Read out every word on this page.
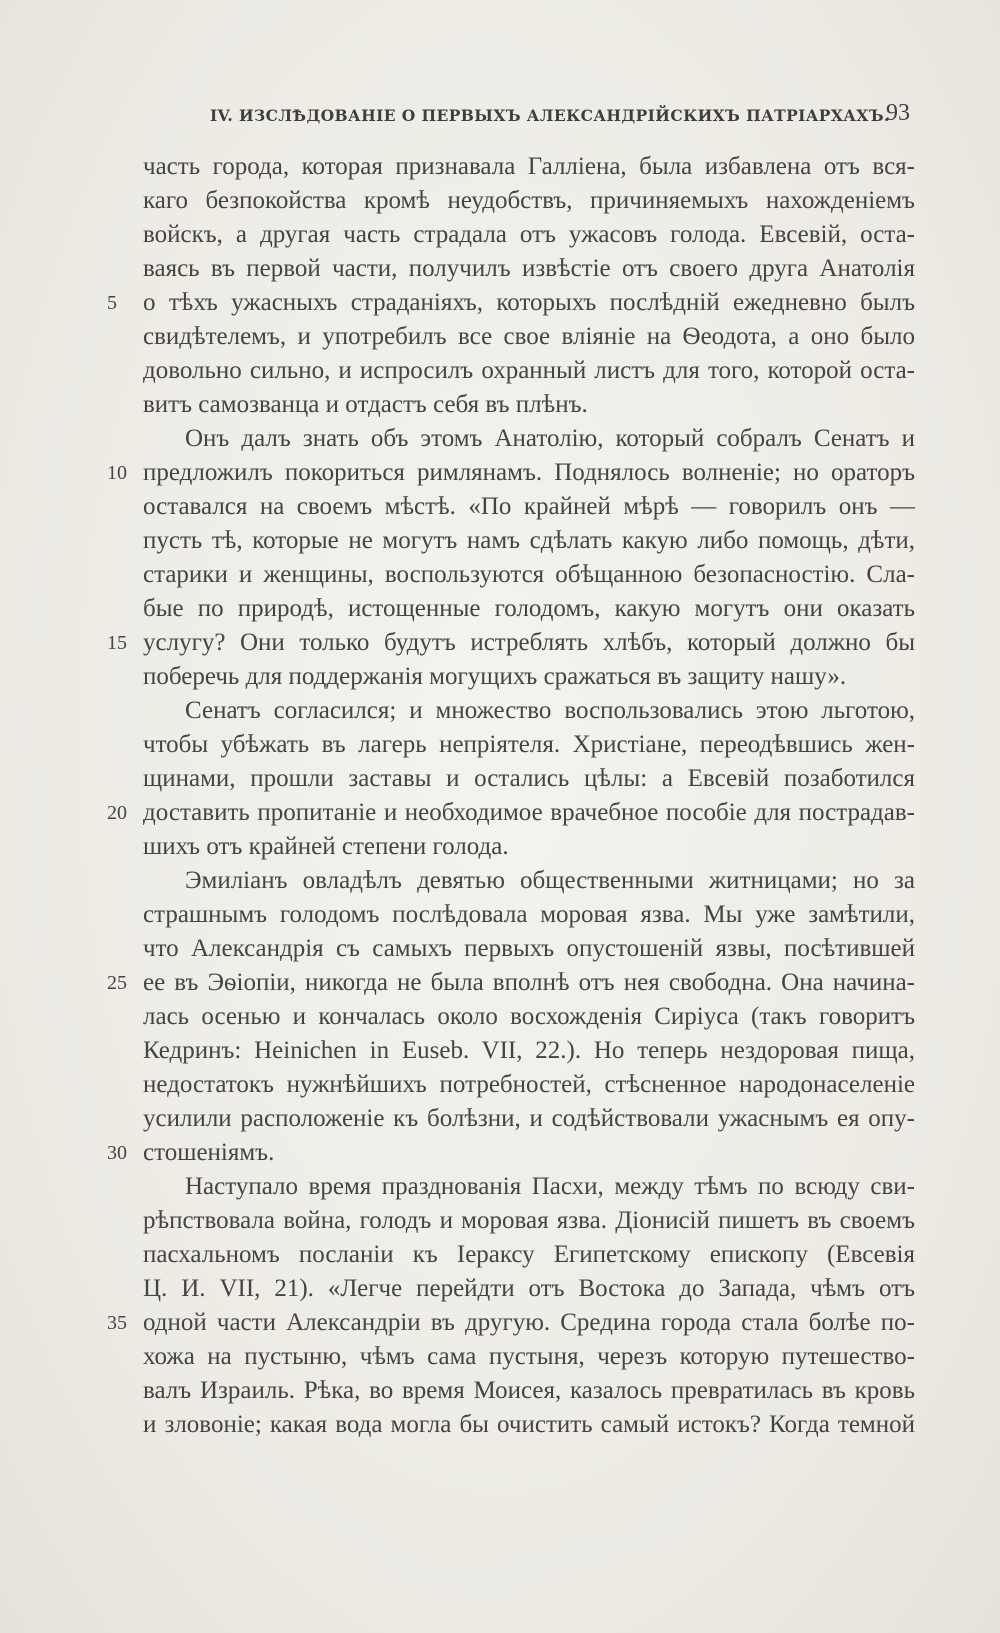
IV. ИЗСЛѢДОВАНIЕ О ПЕРВЫХЪ АЛЕКСАНДРIЙСКИХЪ ПАТРIАРХАХЪ.
93
часть города, которая признавала Галліена, была избавлена отъ вся-
каго безпокойства кромѣ неудобствъ, причиняемыхъ нахожденіемъ
войскъ, а другая часть страдала отъ ужасовъ голода. Евсевій, оста-
ваясь въ первой части, получилъ извѣстіе отъ своего друга Анатолія
о тѣхъ ужасныхъ страданіяхъ, которыхъ послѣдній ежедневно былъ
свидѣтелемъ, и употребилъ все свое вліяніе на Ѳеодота, а оно было
довольно сильно, и испросилъ охранный листъ для того, которой оста-
витъ самозванца и отдастъ себя въ плѣнъ.
Онъ далъ знать объ этомъ Анатолію, который собралъ Сенатъ и
предложилъ покориться римлянамъ. Поднялось волненіе; но ораторъ
оставался на своемъ мѣстѣ. «По крайней мѣрѣ — говорилъ онъ —
пусть тѣ, которые не могутъ намъ сдѣлать какую либо помощь, дѣти,
старики и женщины, воспользуются обѣщанною безопасностію. Сла-
бые по природѣ, истощенные голодомъ, какую могутъ они оказать
услугу? Они только будутъ истреблять хлѣбъ, который должно бы
поберечь для поддержанія могущихъ сражаться въ защиту нашу».
Сенатъ согласился; и множество воспользовались этою льготою,
чтобы убѣжать въ лагерь непріятеля. Христіане, переодѣвшись жен-
щинами, прошли заставы и остались цѣлы: а Евсевій позаботился
доставить пропитаніе и необходимое врачебное пособіе для пострадав-
шихъ отъ крайней степени голода.
Эмиліанъ овладѣлъ девятью общественными житницами; но за
страшнымъ голодомъ послѣдовала моровая язва. Мы уже замѣтили,
что Александрія съ самыхъ первыхъ опустошеній язвы, посѣтившей
ее въ Эѳіопіи, никогда не была вполнѣ отъ нея свободна. Она начина-
лась осенью и кончалась около восхожденія Сиріуса (такъ говоритъ
Кедринъ: Heinichen in Euseb. VII, 22.). Но теперь нездоровая пища,
недостатокъ нужнѣйшихъ потребностей, стѣсненное народонаселеніе
усилили расположеніе къ болѣзни, и содѣйствовали ужаснымъ ея опу-
стошеніямъ.
Наступало время празднованія Пасхи, между тѣмъ по всюду сви-
рѣпствовала война, голодъ и моровая язва. Діонисій пишетъ въ своемъ
пасхальномъ посланіи къ Іераксу Египетскому епископу (Евсевія
Ц. И. VII, 21). «Легче перейдти отъ Востока до Запада, чѣмъ отъ
одной части Александріи въ другую. Средина города стала болѣе по-
хожа на пустыню, чѣмъ сама пустыня, черезъ которую путешество-
валъ Израиль. Рѣка, во время Моисея, казалось превратилась въ кровь
и зловоніе; какая вода могла бы очистить самый истокъ? Когда темной
5
10
15
20
25
30
35
